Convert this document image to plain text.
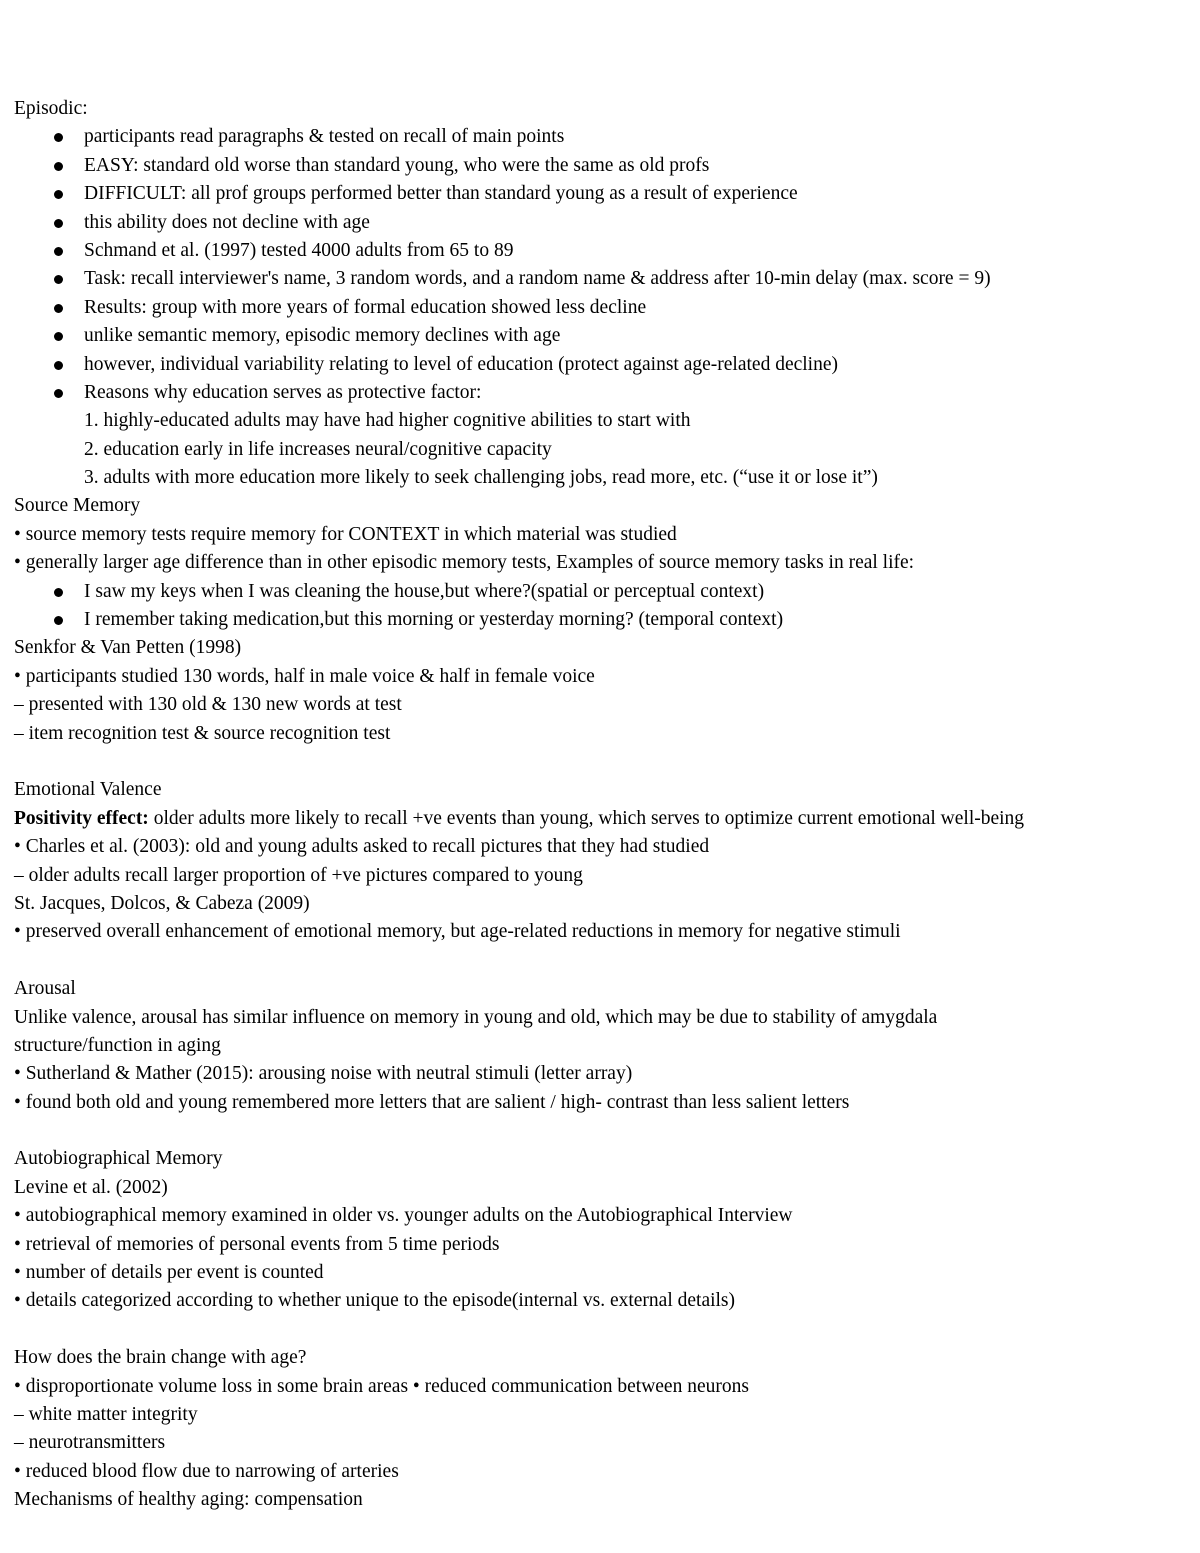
Episodic:
participants read paragraphs & tested on recall of main points
EASY: standard old worse than standard young, who were the same as old profs
DIFFICULT: all prof groups performed better than standard young as a result of experience
this ability does not decline with age
Schmand et al. (1997) tested 4000 adults from 65 to 89
Task: recall interviewer's name, 3 random words, and a random name & address after 10-min delay (max. score = 9)
Results: group with more years of formal education showed less decline
unlike semantic memory, episodic memory declines with age
however, individual variability relating to level of education (protect against age-related decline)
Reasons why education serves as protective factor:
1. highly-educated adults may have had higher cognitive abilities to start with
2. education early in life increases neural/cognitive capacity
3. adults with more education more likely to seek challenging jobs, read more, etc. (“use it or lose it”)
Source Memory
• source memory tests require memory for CONTEXT in which material was studied
• generally larger age difference than in other episodic memory tests, Examples of source memory tasks in real life:
I saw my keys when I was cleaning the house,but where?(spatial or perceptual context)
I remember taking medication,but this morning or yesterday morning? (temporal context)
Senkfor & Van Petten (1998)
• participants studied 130 words, half in male voice & half in female voice
– presented with 130 old & 130 new words at test
– item recognition test & source recognition test
Emotional Valence
Positivity effect: older adults more likely to recall +ve events than young, which serves to optimize current emotional well-being
• Charles et al. (2003): old and young adults asked to recall pictures that they had studied
– older adults recall larger proportion of +ve pictures compared to young
St. Jacques, Dolcos, & Cabeza (2009)
• preserved overall enhancement of emotional memory, but age-related reductions in memory for negative stimuli
Arousal
Unlike valence, arousal has similar influence on memory in young and old, which may be due to stability of amygdala
structure/function in aging
• Sutherland & Mather (2015): arousing noise with neutral stimuli (letter array)
• found both old and young remembered more letters that are salient / high- contrast than less salient letters
Autobiographical Memory
Levine et al. (2002)
• autobiographical memory examined in older vs. younger adults on the Autobiographical Interview
• retrieval of memories of personal events from 5 time periods
• number of details per event is counted
• details categorized according to whether unique to the episode(internal vs. external details)
How does the brain change with age?
• disproportionate volume loss in some brain areas • reduced communication between neurons
– white matter integrity
– neurotransmitters
• reduced blood flow due to narrowing of arteries
Mechanisms of healthy aging: compensation
